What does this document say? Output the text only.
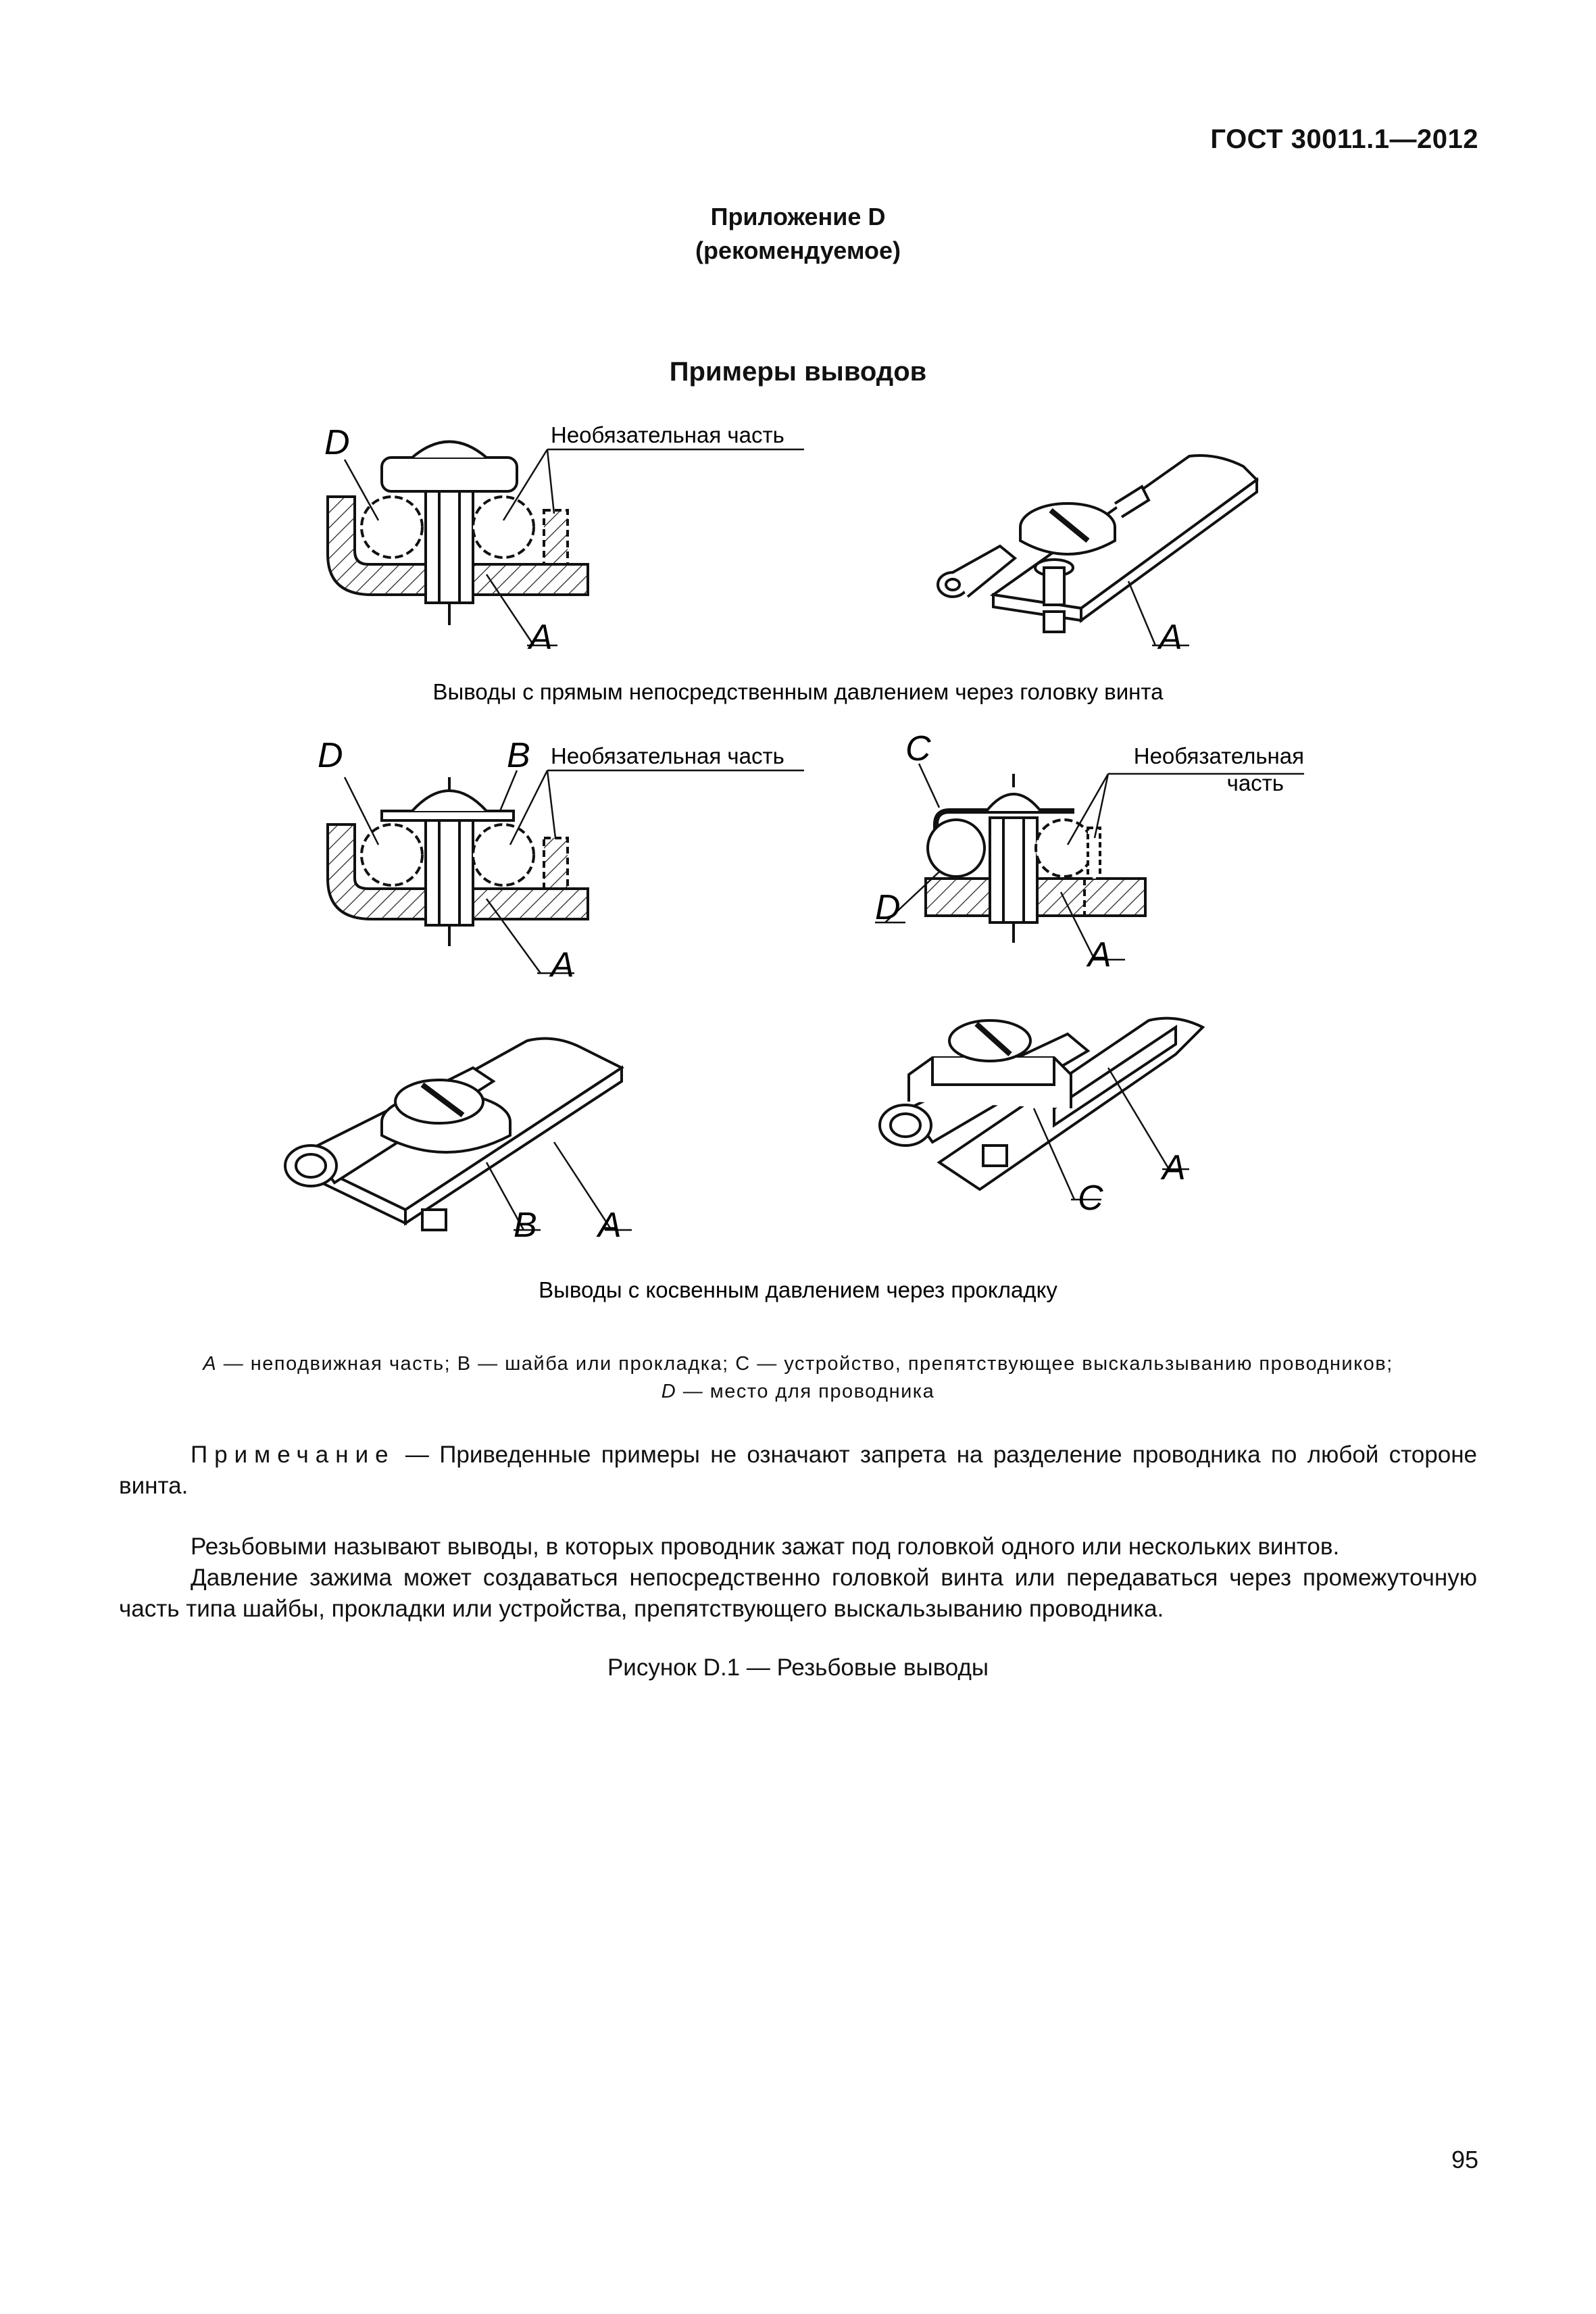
ГОСТ 30011.1—2012
Приложение D
(рекомендуемое)
Примеры выводов
D
A
Необязательная часть
A
Выводы с прямым непосредственным давлением через головку винта
D	B Необязательная часть
A
C	Необязательная
часть
D
A
B A
C
A
Выводы с косвенным давлением через прокладку
A — неподвижная часть; B — шайба или прокладка; C — устройство, препятствующее выскальзыванию проводников;
D — место для проводника
Примечание — Приведенные примеры не означают запрета на разделение проводника по любой стороне винта.
Резьбовыми называют выводы, в которых проводник зажат под головкой одного или нескольких винтов.
Давление зажима может создаваться непосредственно головкой винта или передаваться через промежуточную часть типа шайбы, прокладки или устройства, препятствующего выскальзыванию проводника.
Рисунок D.1 — Резьбовые выводы
95
